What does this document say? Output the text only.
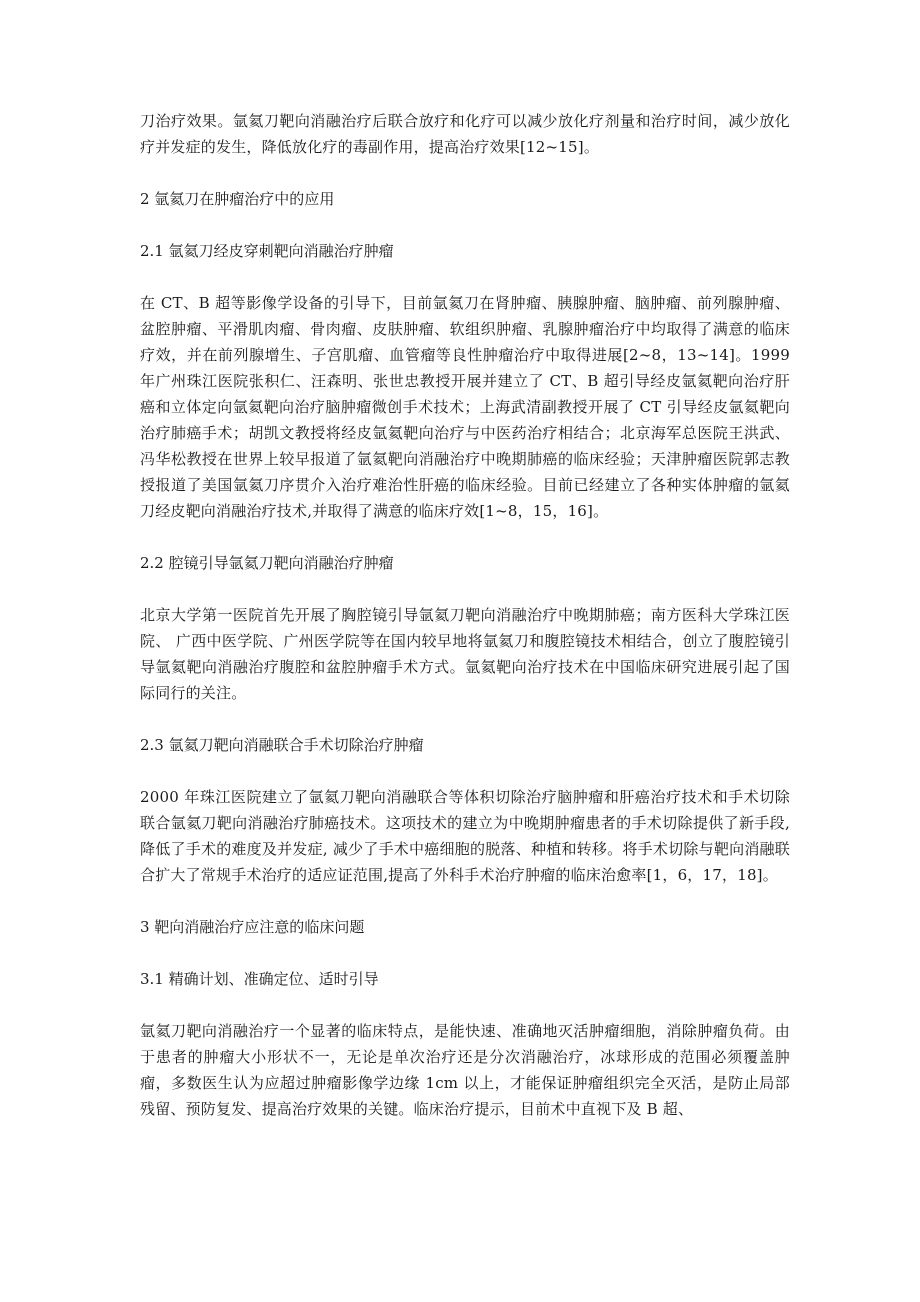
刀治疗效果。氩氦刀靶向消融治疗后联合放疗和化疗可以减少放化疗剂量和治疗时间，减少放化疗并发症的发生，降低放化疗的毒副作用，提高治疗效果[12~15]。

2 氩氦刀在肿瘤治疗中的应用

2.1 氩氦刀经皮穿刺靶向消融治疗肿瘤

在 CT、B 超等影像学设备的引导下，目前氩氦刀在肾肿瘤、胰腺肿瘤、脑肿瘤、前列腺肿瘤、盆腔肿瘤、平滑肌肉瘤、骨肉瘤、皮肤肿瘤、软组织肿瘤、乳腺肿瘤治疗中均取得了满意的临床疗效，并在前列腺增生、子宫肌瘤、血管瘤等良性肿瘤治疗中取得进展[2~8，13~14]。1999 年广州珠江医院张积仁、汪森明、张世忠教授开展并建立了 CT、B 超引导经皮氩氦靶向治疗肝癌和立体定向氩氦靶向治疗脑肿瘤微创手术技术；上海武清副教授开展了 CT 引导经皮氩氦靶向治疗肺癌手术；胡凯文教授将经皮氩氦靶向治疗与中医药治疗相结合；北京海军总医院王洪武、冯华松教授在世界上较早报道了氩氦靶向消融治疗中晚期肺癌的临床经验；天津肿瘤医院郭志教授报道了美国氩氦刀序贯介入治疗难治性肝癌的临床经验。目前已经建立了各种实体肿瘤的氩氦刀经皮靶向消融治疗技术,并取得了满意的临床疗效[1~8，15，16]。

2.2 腔镜引导氩氦刀靶向消融治疗肿瘤

北京大学第一医院首先开展了胸腔镜引导氩氦刀靶向消融治疗中晚期肺癌；南方医科大学珠江医院、 广西中医学院、广州医学院等在国内较早地将氩氦刀和腹腔镜技术相结合，创立了腹腔镜引导氩氦靶向消融治疗腹腔和盆腔肿瘤手术方式。氩氦靶向治疗技术在中国临床研究进展引起了国际同行的关注。

2.3 氩氦刀靶向消融联合手术切除治疗肿瘤

2000 年珠江医院建立了氩氦刀靶向消融联合等体积切除治疗脑肿瘤和肝癌治疗技术和手术切除联合氩氦刀靶向消融治疗肺癌技术。这项技术的建立为中晚期肿瘤患者的手术切除提供了新手段, 降低了手术的难度及并发症, 减少了手术中癌细胞的脱落、种植和转移。将手术切除与靶向消融联合扩大了常规手术治疗的适应证范围,提高了外科手术治疗肿瘤的临床治愈率[1，6，17，18]。

3 靶向消融治疗应注意的临床问题

3.1 精确计划、准确定位、适时引导

氩氦刀靶向消融治疗一个显著的临床特点，是能快速、准确地灭活肿瘤细胞，消除肿瘤负荷。由于患者的肿瘤大小形状不一，无论是单次治疗还是分次消融治疗，冰球形成的范围必须覆盖肿瘤，多数医生认为应超过肿瘤影像学边缘 1cm 以上，才能保证肿瘤组织完全灭活，是防止局部残留、预防复发、提高治疗效果的关键。临床治疗提示，目前术中直视下及 B 超、
